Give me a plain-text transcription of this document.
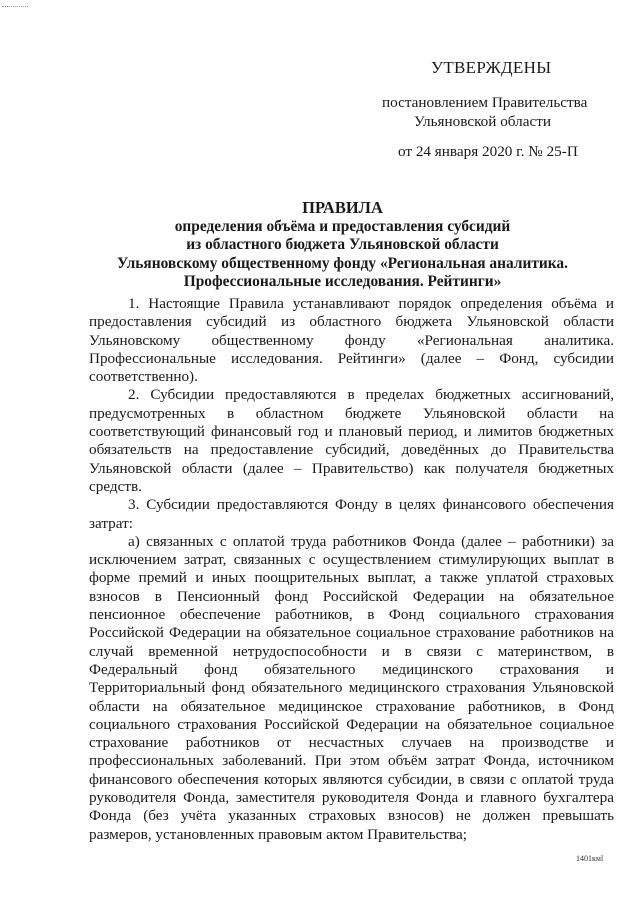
УТВЕРЖДЕНЫ
постановлением Правительства
Ульяновской области
от 24 января 2020 г. № 25-П
ПРАВИЛА
определения объёма и предоставления субсидий
из областного бюджета Ульяновской области
Ульяновскому общественному фонду «Региональная аналитика.
Профессиональные исследования. Рейтинги»

1. Настоящие Правила устанавливают порядок определения объёма и предоставления субсидий из областного бюджета Ульяновской области Ульяновскому общественному фонду «Региональная аналитика. Профессиональные исследования. Рейтинги» (далее – Фонд, субсидии соответственно).

2. Субсидии предоставляются в пределах бюджетных ассигнований, предусмотренных в областном бюджете Ульяновской области на соответствующий финансовый год и плановый период, и лимитов бюджетных обязательств на предоставление субсидий, доведённых до Правительства Ульяновской области (далее – Правительство) как получателя бюджетных средств.

3. Субсидии предоставляются Фонду в целях финансового обеспечения затрат:

а) связанных с оплатой труда работников Фонда (далее – работники) за исключением затрат, связанных с осуществлением стимулирующих выплат в форме премий и иных поощрительных выплат, а также уплатой страховых взносов в Пенсионный фонд Российской Федерации на обязательное пенсионное обеспечение работников, в Фонд социального страхования Российской Федерации на обязательное социальное страхование работников на случай временной нетрудоспособности и в связи с материнством, в Федеральный фонд обязательного медицинского страхования и Территориальный фонд обязательного медицинского страхования Ульяновской области на обязательное медицинское страхование работников, в Фонд социального страхования Российской Федерации на обязательное социальное страхование работников от несчастных случаев на производстве и профессиональных заболеваний. При этом объём затрат Фонда, источником финансового обеспечения которых являются субсидии, в связи с оплатой труда руководителя Фонда, заместителя руководителя Фонда и главного бухгалтера Фонда (без учёта указанных страховых взносов) не должен превышать размеров, установленных правовым актом Правительства;

1401кмl
